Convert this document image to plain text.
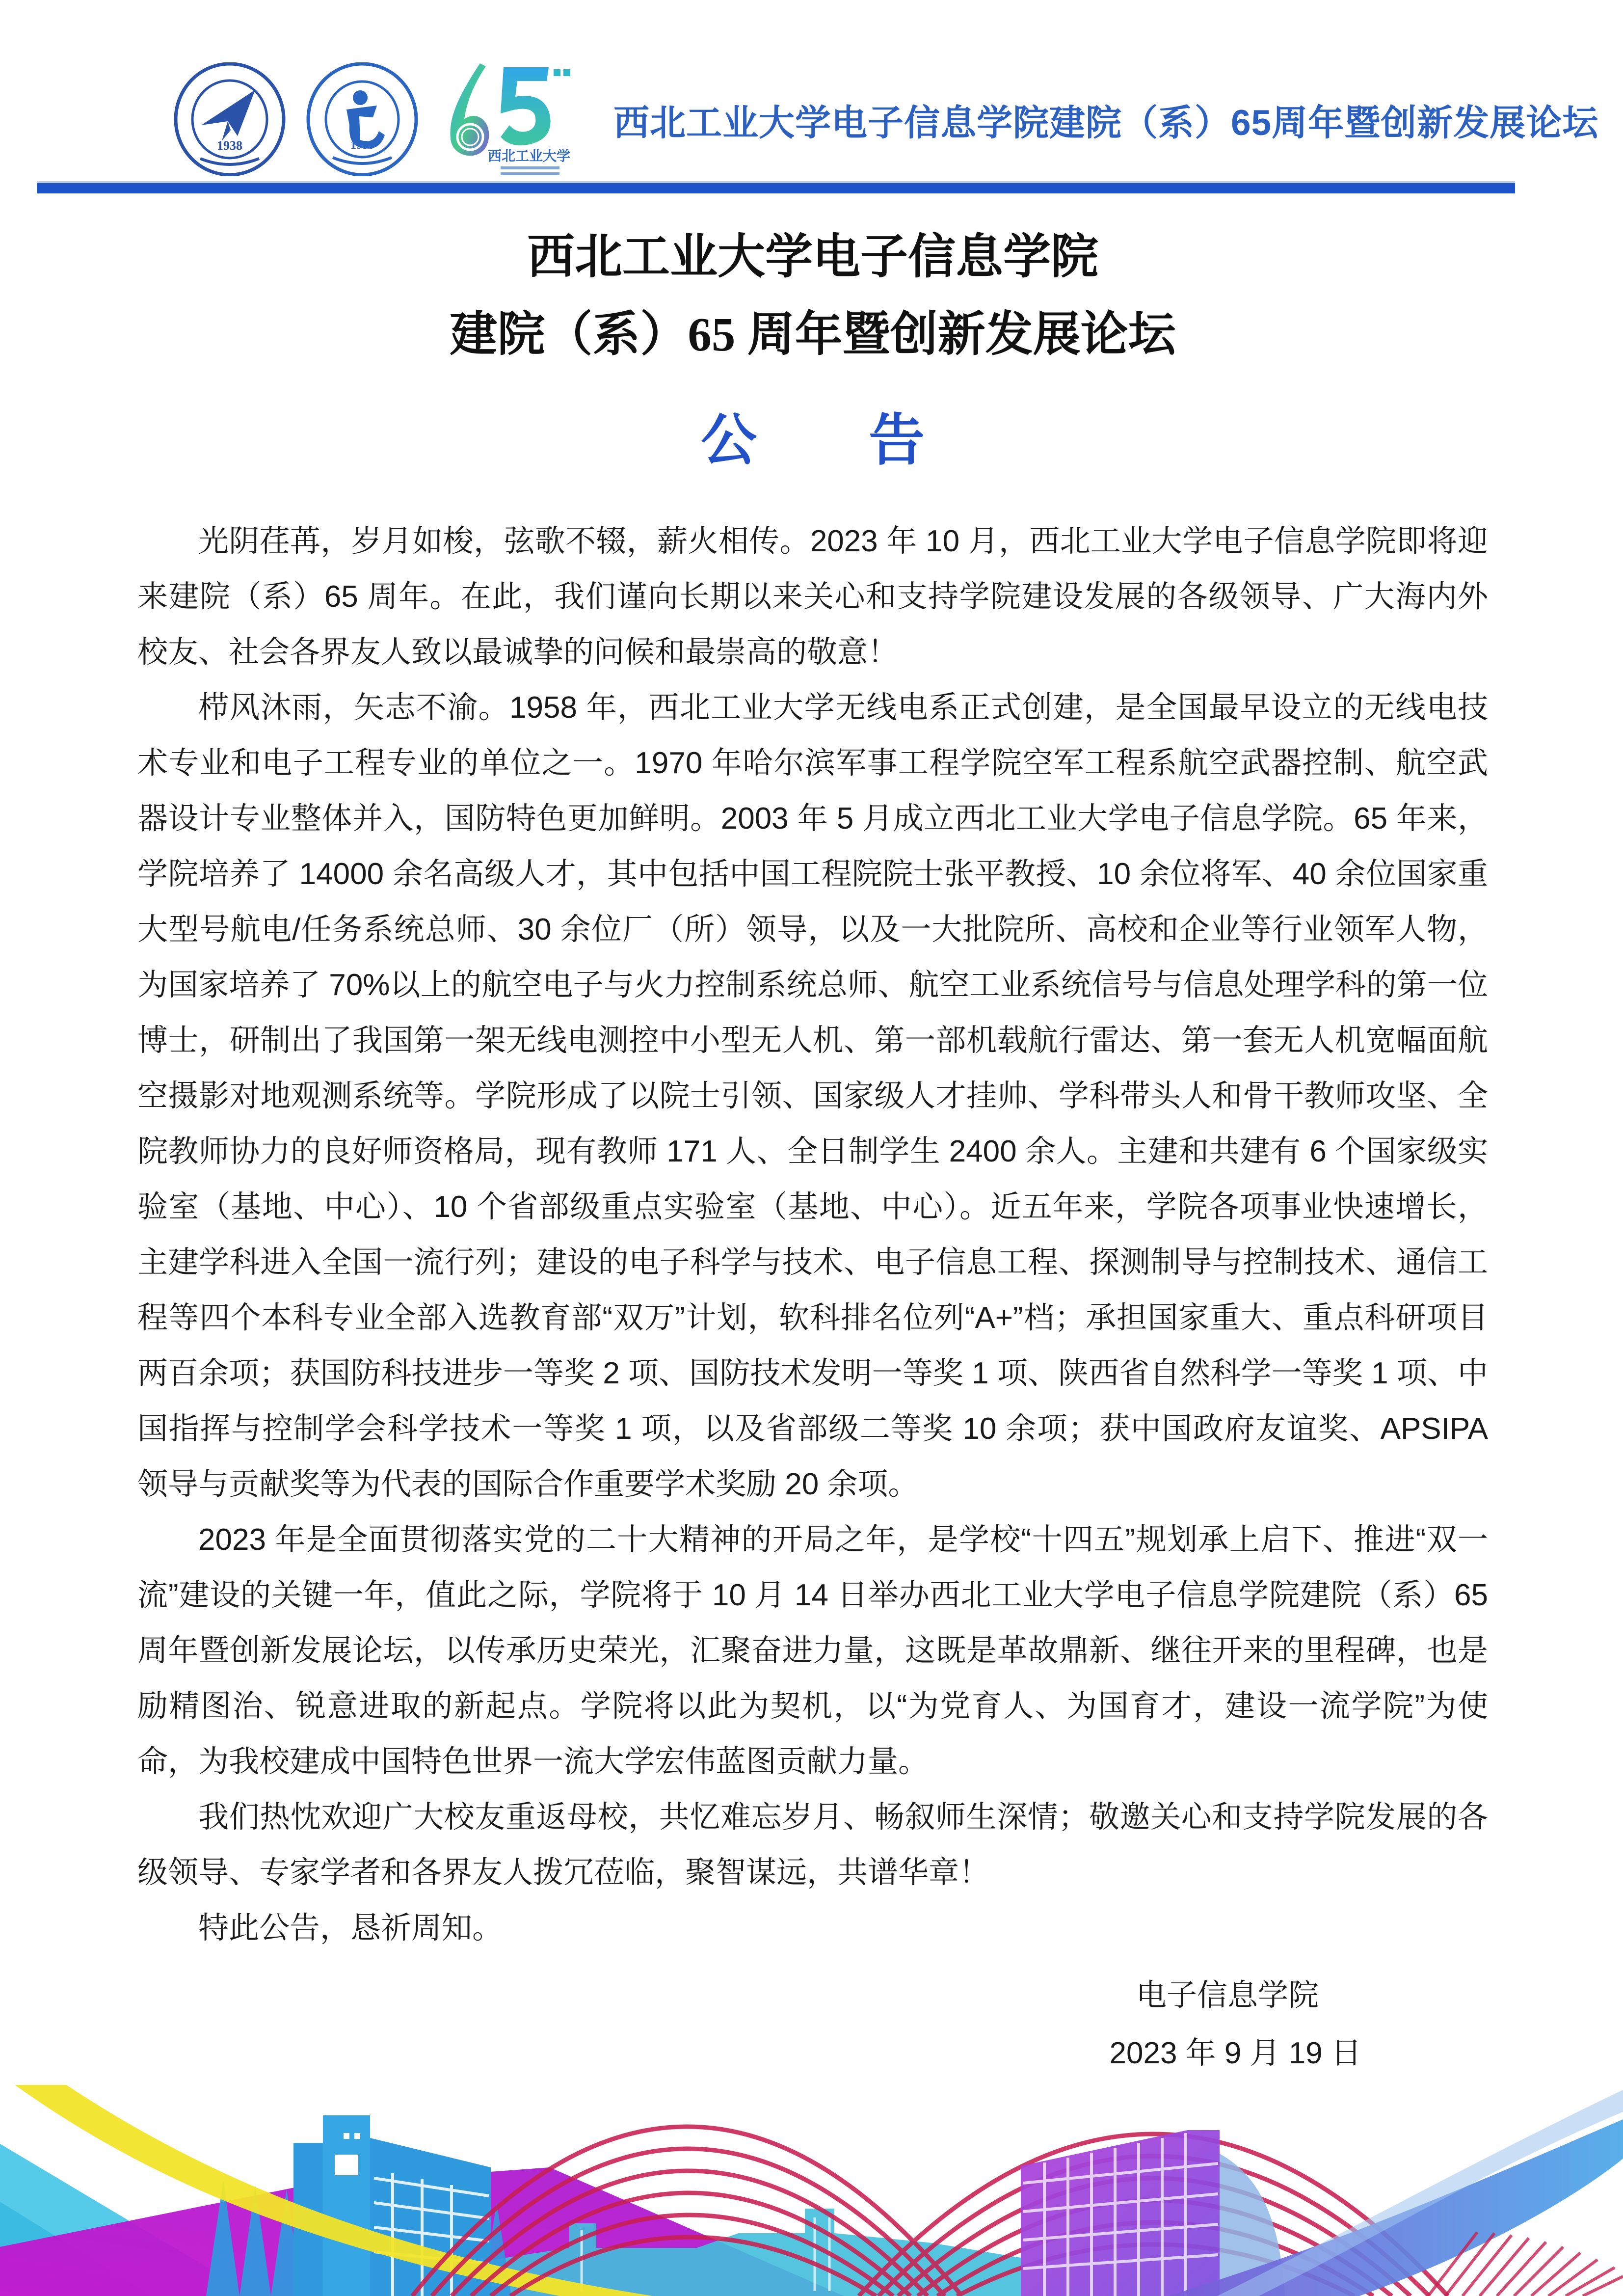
1938	1958
西北工业大学
西北工业大学电子信息学院建院（系）65周年暨创新发展论坛
西北工业大学电子信息学院
建院（系）65 周年暨创新发展论坛
公　　告

光阴荏苒，岁月如梭，弦歌不辍，薪火相传。2023 年 10 月，西北工业大学电子信息学院即将迎来建院（系）65 周年。在此，我们谨向长期以来关心和支持学院建设发展的各级领导、广大海内外校友、社会各界友人致以最诚挚的问候和最崇高的敬意！

栉风沐雨，矢志不渝。1958 年，西北工业大学无线电系正式创建，是全国最早设立的无线电技术专业和电子工程专业的单位之一。1970 年哈尔滨军事工程学院空军工程系航空武器控制、航空武器设计专业整体并入，国防特色更加鲜明。2003 年 5 月成立西北工业大学电子信息学院。65 年来，学院培养了 14000 余名高级人才，其中包括中国工程院院士张平教授、10 余位将军、40 余位国家重大型号航电/任务系统总师、30 余位厂（所）领导，以及一大批院所、高校和企业等行业领军人物，为国家培养了 70%以上的航空电子与火力控制系统总师、航空工业系统信号与信息处理学科的第一位博士，研制出了我国第一架无线电测控中小型无人机、第一部机载航行雷达、第一套无人机宽幅面航空摄影对地观测系统等。学院形成了以院士引领、国家级人才挂帅、学科带头人和骨干教师攻坚、全院教师协力的良好师资格局，现有教师 171 人、全日制学生 2400 余人。主建和共建有 6 个国家级实验室（基地、中心）、10 个省部级重点实验室（基地、中心）。近五年来，学院各项事业快速增长，主建学科进入全国一流行列；建设的电子科学与技术、电子信息工程、探测制导与控制技术、通信工程等四个本科专业全部入选教育部“双万”计划，软科排名位列“A+”档；承担国家重大、重点科研项目两百余项；获国防科技进步一等奖 2 项、国防技术发明一等奖 1 项、陕西省自然科学一等奖 1 项、中国指挥与控制学会科学技术一等奖 1 项，以及省部级二等奖 10 余项；获中国政府友谊奖、APSIPA 领导与贡献奖等为代表的国际合作重要学术奖励 20 余项。

2023 年是全面贯彻落实党的二十大精神的开局之年，是学校“十四五”规划承上启下、推进“双一流”建设的关键一年，值此之际，学院将于 10 月 14 日举办西北工业大学电子信息学院建院（系）65 周年暨创新发展论坛，以传承历史荣光，汇聚奋进力量，这既是革故鼎新、继往开来的里程碑，也是励精图治、锐意进取的新起点。学院将以此为契机，以“为党育人、为国育才，建设一流学院”为使命，为我校建成中国特色世界一流大学宏伟蓝图贡献力量。

我们热忱欢迎广大校友重返母校，共忆难忘岁月、畅叙师生深情；敬邀关心和支持学院发展的各级领导、专家学者和各界友人拨冗莅临，聚智谋远，共谱华章！

特此公告，恳祈周知。

电子信息学院
2023 年 9 月 19 日
